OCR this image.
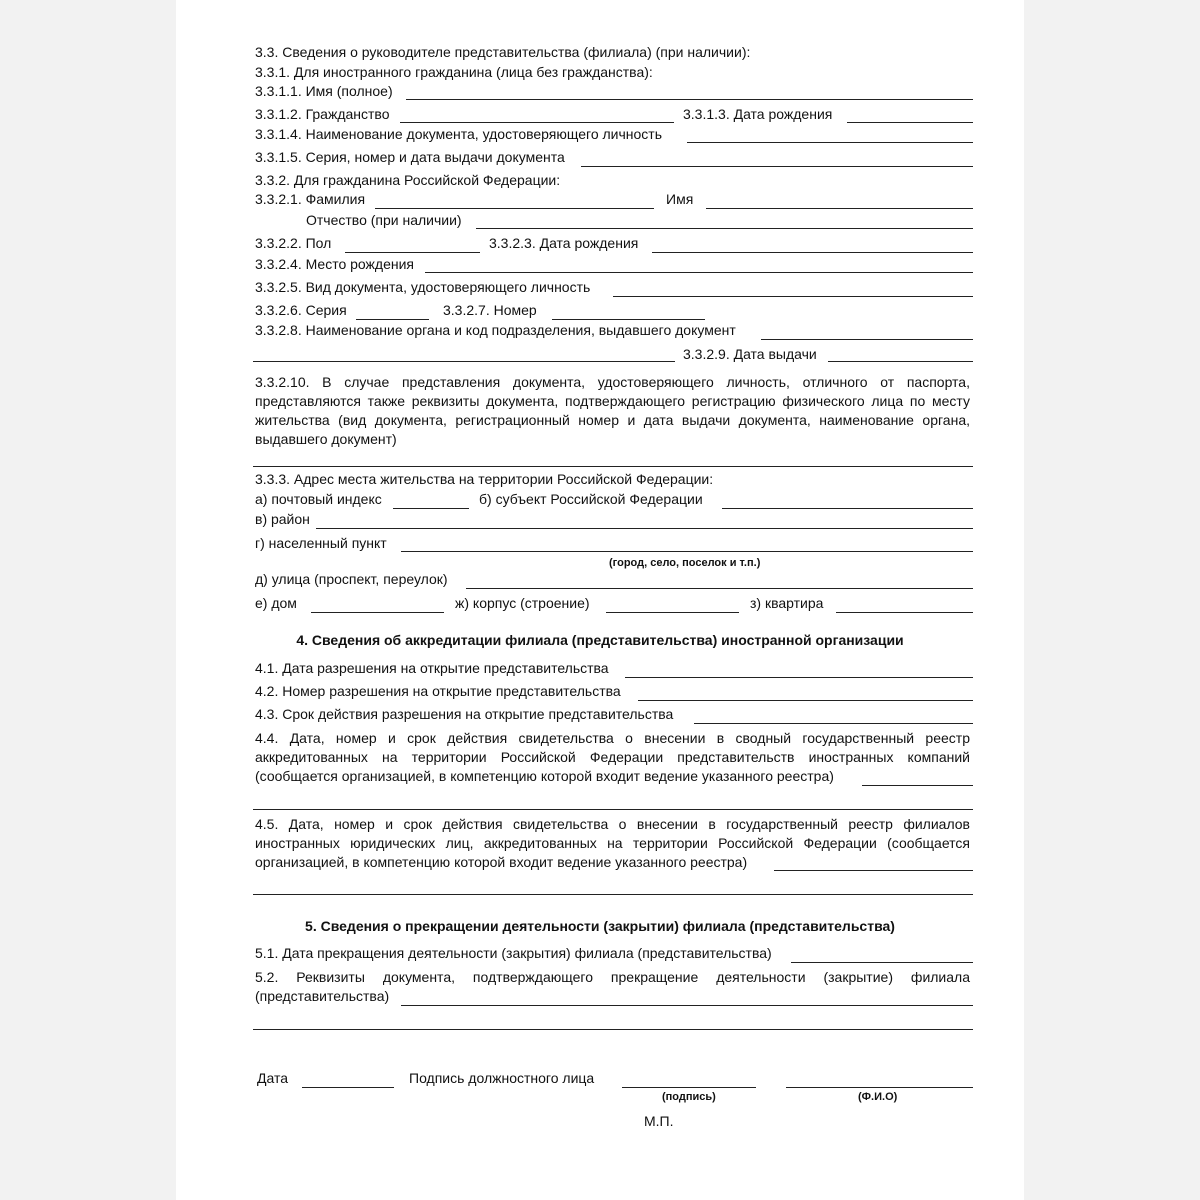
3.3. Сведения о руководителе представительства (филиала) (при наличии):
3.3.1. Для иностранного гражданина (лица без гражданства):
3.3.1.1. Имя (полное)
3.3.1.2. Гражданство	3.3.1.3. Дата рождения
3.3.1.4. Наименование документа, удостоверяющего личность
3.3.1.5. Серия, номер и дата выдачи документа
3.3.2. Для гражданина Российской Федерации:
3.3.2.1. Фамилия	Имя
Отчество (при наличии)
3.3.2.2. Пол	3.3.2.3. Дата рождения
3.3.2.4. Место рождения
3.3.2.5. Вид документа, удостоверяющего личность
3.3.2.6. Серия	3.3.2.7. Номер
3.3.2.8. Наименование органа и код подразделения, выдавшего документ
3.3.2.9. Дата выдачи
3.3.2.10. В случае представления документа, удостоверяющего личность, отличного от паспорта, представляются также реквизиты документа, подтверждающего регистрацию физического лица по месту жительства (вид документа, регистрационный номер и дата выдачи документа, наименование органа, выдавшего документ)
3.3.3. Адрес места жительства на территории Российской Федерации:
а) почтовый индекс	б) субъект Российской Федерации
в) район
г) населенный пункт
(город, село, поселок и т.п.)
д) улица (проспект, переулок)
е) дом	ж) корпус (строение)	з) квартира
4. Сведения об аккредитации филиала (представительства) иностранной организации
4.1. Дата разрешения на открытие представительства
4.2. Номер разрешения на открытие представительства
4.3. Срок действия разрешения на открытие представительства
4.4. Дата, номер и срок действия свидетельства о внесении в сводный государственный реестр аккредитованных на территории Российской Федерации представительств иностранных компаний (сообщается организацией, в компетенцию которой входит ведение указанного реестра)
4.5. Дата, номер и срок действия свидетельства о внесении в государственный реестр филиалов иностранных юридических лиц, аккредитованных на территории Российской Федерации (сообщается организацией, в компетенцию которой входит ведение указанного реестра)
5. Сведения о прекращении деятельности (закрытии) филиала (представительства)
5.1. Дата прекращения деятельности (закрытия) филиала (представительства)
5.2. Реквизиты документа, подтверждающего прекращение деятельности (закрытие) филиала (представительства)
Дата	Подпись должностного лица
(подпись)	(Ф.И.О)
М.П.
